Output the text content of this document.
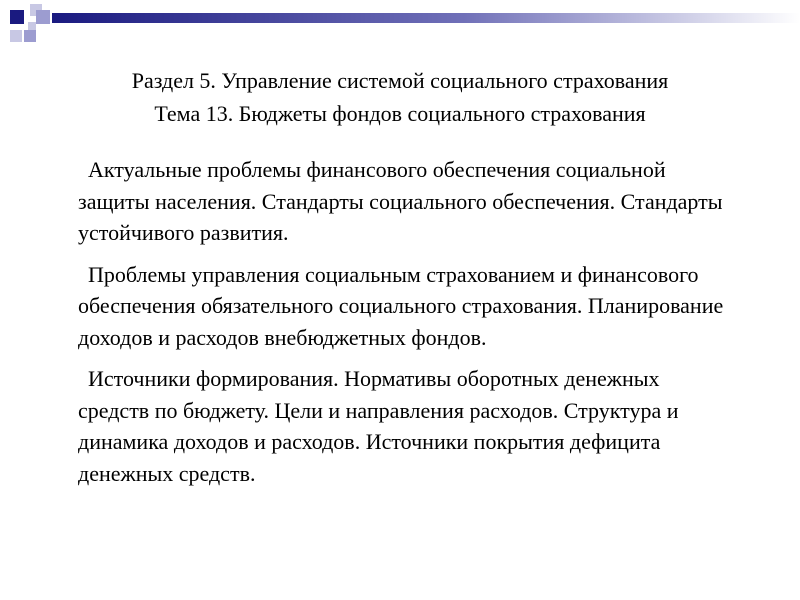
Раздел 5. Управление системой социального страхования
Тема 13. Бюджеты фондов социального страхования

Актуальные проблемы финансового обеспечения социальной защиты населения. Стандарты социального обеспечения. Стандарты устойчивого развития.

Проблемы управления социальным страхованием и финансового обеспечения обязательного социального страхования. Планирование доходов и расходов внебюджетных фондов.

Источники формирования. Нормативы оборотных денежных средств по бюджету. Цели и направления расходов. Структура и динамика доходов и расходов. Источники покрытия дефицита денежных средств.
